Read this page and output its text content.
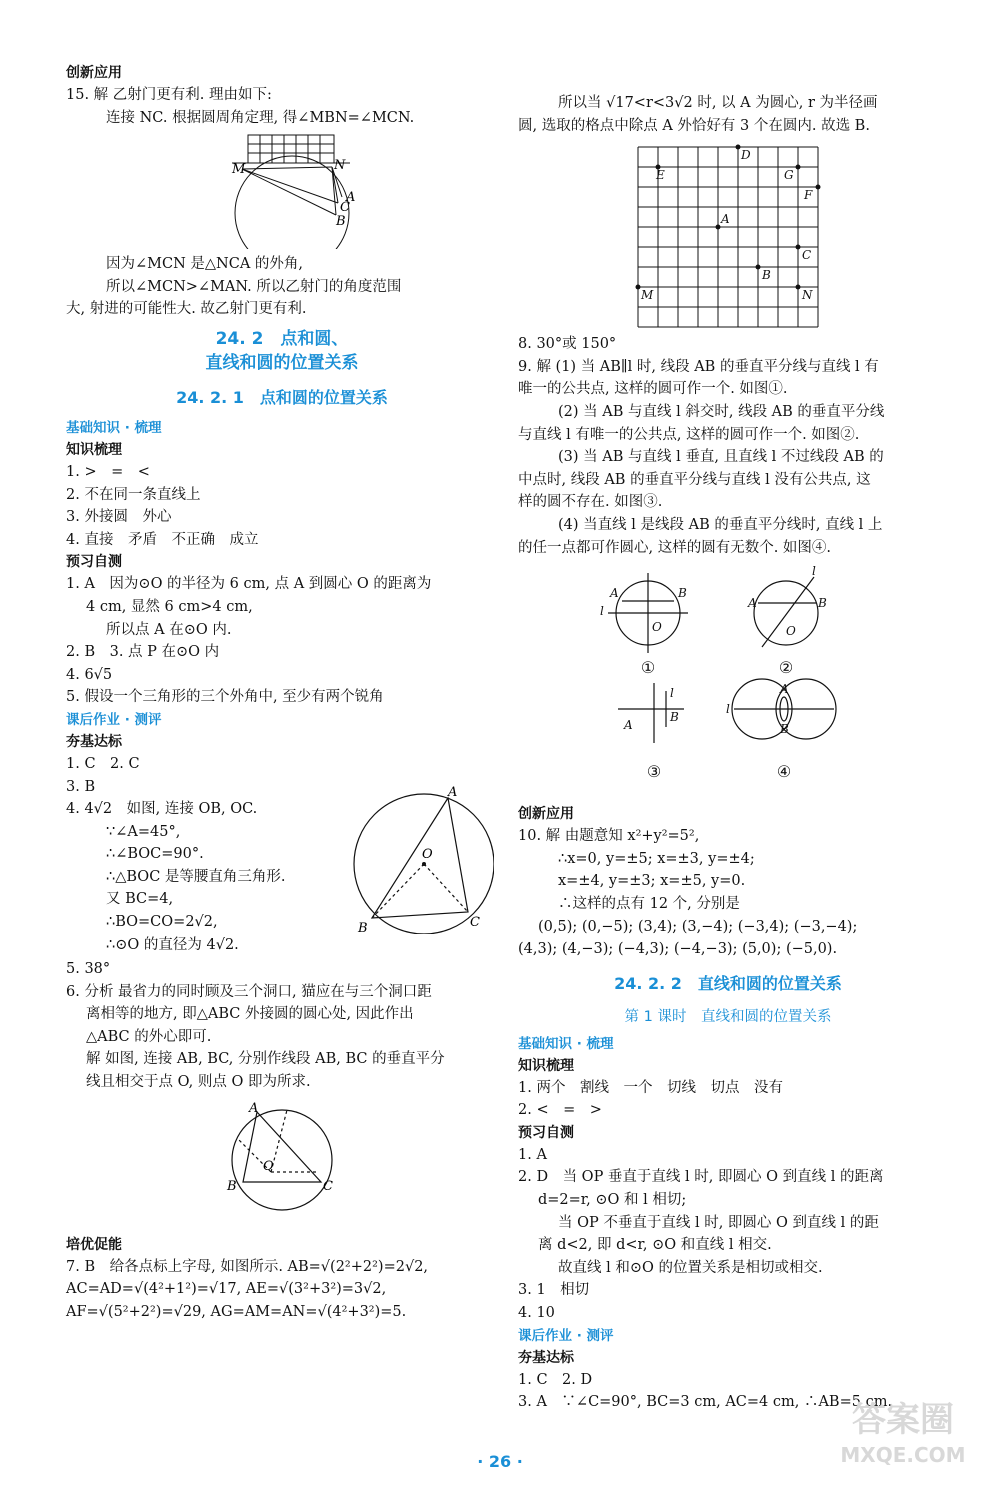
创新应用
15. 解 乙射门更有利. 理由如下:
连接 NC. 根据圆周角定理, 得∠MBN=∠MCN.
M	N
A
C
B
因为∠MCN 是△NCA 的外角,
所以∠MCN>∠MAN. 所以乙射门的角度范围
大, 射进的可能性大. 故乙射门更有利.
24. 2　点和圆、
直线和圆的位置关系
24. 2. 1　点和圆的位置关系
基础知识 · 梳理
知识梳理
1. >　=　<
2. 不在同一条直线上
3. 外接圆　外心
4. 直接　矛盾　不正确　成立
预习自测
1. A　因为⊙O 的半径为 6 cm, 点 A 到圆心 O 的距离为
4 cm, 显然 6 cm>4 cm,
所以点 A 在⊙O 内.
2. B　3. 点 P 在⊙O 内
4. 6√5
5. 假设一个三角形的三个外角中, 至少有两个锐角
课后作业 · 测评
夯基达标
1. C　2. C
3. B
4. 4√2　如图, 连接 OB, OC.
∵∠A=45°,
∴∠BOC=90°.
∴△BOC 是等腰直角三角形.
又 BC=4,
∴BO=CO=2√2,
∴⊙O 的直径为 4√2.
A
O
B	C
5. 38°
6. 分析 最省力的同时顾及三个洞口, 猫应在与三个洞口距
离相等的地方, 即△ABC 外接圆的圆心处, 因此作出
△ABC 的外心即可.
解 如图, 连接 AB, BC, 分别作线段 AB, BC 的垂直平分
线且相交于点 O, 则点 O 即为所求.
A
O
B	C
培优促能
7. B　给各点标上字母, 如图所示. AB=√(2²+2²)=2√2,
AC=AD=√(4²+1²)=√17, AE=√(3²+3²)=3√2,
AF=√(5²+2²)=√29, AG=AM=AN=√(4²+3²)=5.
所以当 √17<r<3√2 时, 以 A 为圆心, r 为半径画
圆, 选取的格点中除点 A 外恰好有 3 个在圆内. 故选 B.
D
E	G
F
A
C
B
M	N
8. 30°或 150°
9. 解 (1) 当 AB∥l 时, 线段 AB 的垂直平分线与直线 l 有
唯一的公共点, 这样的圆可作一个. 如图①.
(2) 当 AB 与直线 l 斜交时, 线段 AB 的垂直平分线
与直线 l 有唯一的公共点, 这样的圆可作一个. 如图②.
(3) 当 AB 与直线 l 垂直, 且直线 l 不过线段 AB 的
中点时, 线段 AB 的垂直平分线与直线 l 没有公共点, 这
样的圆不存在. 如图③.
(4) 当直线 l 是线段 AB 的垂直平分线时, 直线 l 上
的任一点都可作圆心, 这样的圆有无数个. 如图④.
l
A	B
O
l
A	B
O
l
A
B
l
A
B
①	②
③	④
创新应用
10. 解 由题意知 x²+y²=5²,
∴x=0, y=±5; x=±3, y=±4;
x=±4, y=±3; x=±5, y=0.
∴这样的点有 12 个, 分别是
(0,5); (0,−5); (3,4); (3,−4); (−3,4); (−3,−4);
(4,3); (4,−3); (−4,3); (−4,−3); (5,0); (−5,0).
24. 2. 2　直线和圆的位置关系
第 1 课时　直线和圆的位置关系
基础知识 · 梳理
知识梳理
1. 两个　割线　一个　切线　切点　没有
2. <　=　>
预习自测
1. A
2. D　当 OP 垂直于直线 l 时, 即圆心 O 到直线 l 的距离
d=2=r, ⊙O 和 l 相切;
当 OP 不垂直于直线 l 时, 即圆心 O 到直线 l 的距
离 d<2, 即 d<r, ⊙O 和直线 l 相交.
故直线 l 和⊙O 的位置关系是相切或相交.
3. 1　相切
4. 10
课后作业 · 测评
夯基达标
1. C　2. D
3. A　∵∠C=90°, BC=3 cm, AC=4 cm, ∴AB=5 cm.
· 26 ·
答案圈
MXQE.COM
